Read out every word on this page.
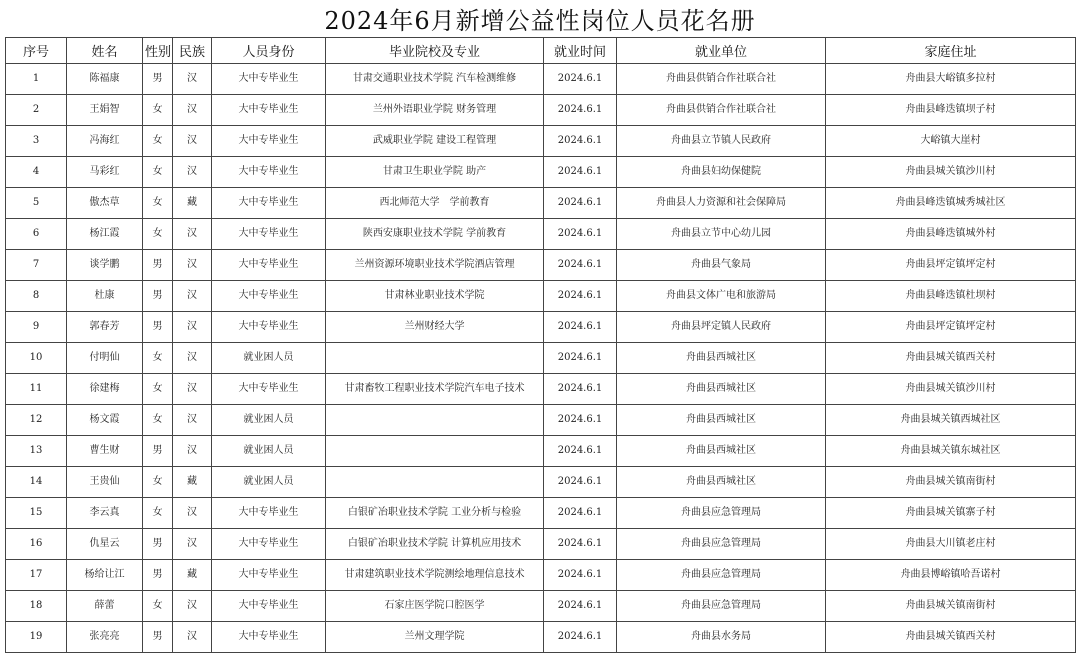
2024年6月新增公益性岗位人员花名册
序号	姓名	性别	民族	人员身份	毕业院校及专业	就业时间	就业单位	家庭住址
1	陈福康	男	汉	大中专毕业生	甘肃交通职业技术学院 汽车检测维修	2024.6.1	舟曲县供销合作社联合社	舟曲县大峪镇多拉村
2	王娟智	女	汉	大中专毕业生	兰州外语职业学院 财务管理	2024.6.1	舟曲县供销合作社联合社	舟曲县峰迭镇坝子村
3	冯海红	女	汉	大中专毕业生	武威职业学院 建设工程管理	2024.6.1	舟曲县立节镇人民政府	大峪镇大崖村
4	马彩红	女	汉	大中专毕业生	甘肃卫生职业学院 助产	2024.6.1	舟曲县妇幼保健院	舟曲县城关镇沙川村
5	傲杰草	女	藏	大中专毕业生	西北师范大学　学前教育	2024.6.1	舟曲县人力资源和社会保障局	舟曲县峰迭镇城秀城社区
6	杨江霞	女	汉	大中专毕业生	陕西安康职业技术学院 学前教育	2024.6.1	舟曲县立节中心幼儿园	舟曲县峰迭镇城外村
7	谈学鹏	男	汉	大中专毕业生	兰州资源环境职业技术学院酒店管理	2024.6.1	舟曲县气象局	舟曲县坪定镇坪定村
8	杜康	男	汉	大中专毕业生	甘肃林业职业技术学院	2024.6.1	舟曲县文体广电和旅游局	舟曲县峰迭镇杜坝村
9	郭春芳	男	汉	大中专毕业生	兰州财经大学	2024.6.1	舟曲县坪定镇人民政府	舟曲县坪定镇坪定村
10	付明仙	女	汉	就业困人员		2024.6.1	舟曲县西城社区	舟曲县城关镇西关村
11	徐建梅	女	汉	大中专毕业生	甘肃畜牧工程职业技术学院汽车电子技术	2024.6.1	舟曲县西城社区	舟曲县城关镇沙川村
12	杨文霞	女	汉	就业困人员		2024.6.1	舟曲县西城社区	舟曲县城关镇西城社区
13	曹生财	男	汉	就业困人员		2024.6.1	舟曲县西城社区	舟曲县城关镇东城社区
14	王贵仙	女	藏	就业困人员		2024.6.1	舟曲县西城社区	舟曲县城关镇南街村
15	李云真	女	汉	大中专毕业生	白银矿冶职业技术学院 工业分析与检验	2024.6.1	舟曲县应急管理局	舟曲县城关镇寨子村
16	仇星云	男	汉	大中专毕业生	白银矿冶职业技术学院 计算机应用技术	2024.6.1	舟曲县应急管理局	舟曲县大川镇老庄村
17	杨给让江	男	藏	大中专毕业生	甘肃建筑职业技术学院测绘地理信息技术	2024.6.1	舟曲县应急管理局	舟曲县博峪镇哈吾诺村
18	薛蕾	女	汉	大中专毕业生	石家庄医学院口腔医学	2024.6.1	舟曲县应急管理局	舟曲县城关镇南街村
19	张亮亮	男	汉	大中专毕业生	兰州文理学院	2024.6.1	舟曲县水务局	舟曲县城关镇西关村
